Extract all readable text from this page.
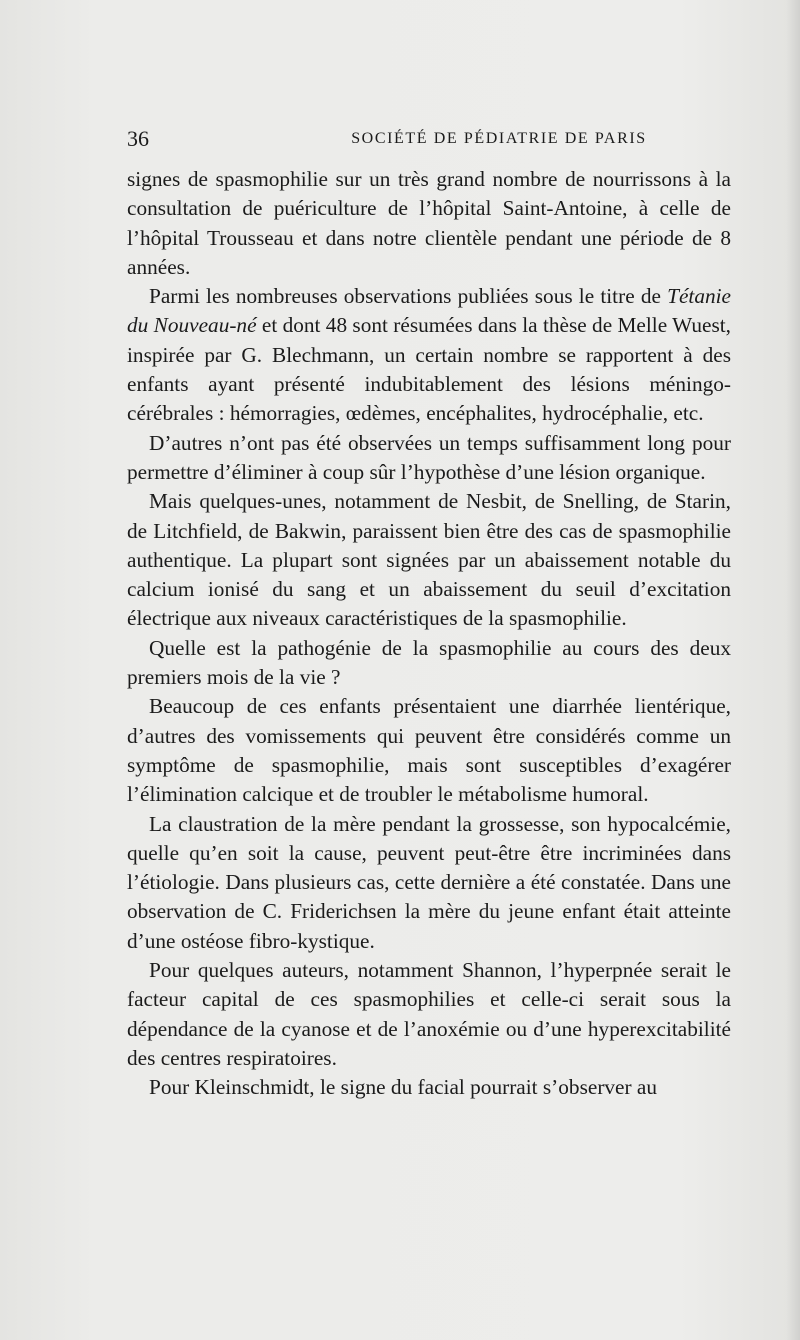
36	SOCIÉTÉ DE PÉDIATRIE DE PARIS

signes de spasmophilie sur un très grand nombre de nourrissons à la consultation de puériculture de l’hôpital Saint-Antoine, à celle de l’hôpital Trousseau et dans notre clientèle pendant une période de 8 années.

Parmi les nombreuses observations publiées sous le titre de Tétanie du Nouveau-né et dont 48 sont résumées dans la thèse de Melle Wuest, inspirée par G. Blechmann, un certain nombre se rapportent à des enfants ayant présenté indubitablement des lésions méningo-cérébrales : hémorragies, œdèmes, encéphalites, hydrocéphalie, etc.

D’autres n’ont pas été observées un temps suffisamment long pour permettre d’éliminer à coup sûr l’hypothèse d’une lésion organique.

Mais quelques-unes, notamment de Nesbit, de Snelling, de Starin, de Litchfield, de Bakwin, paraissent bien être des cas de spasmophilie authentique. La plupart sont signées par un abaissement notable du calcium ionisé du sang et un abaissement du seuil d’excitation électrique aux niveaux caractéristiques de la spasmophilie.

Quelle est la pathogénie de la spasmophilie au cours des deux premiers mois de la vie ?

Beaucoup de ces enfants présentaient une diarrhée lientérique, d’autres des vomissements qui peuvent être considérés comme un symptôme de spasmophilie, mais sont susceptibles d’exagérer l’élimination calcique et de troubler le métabolisme humoral.

La claustration de la mère pendant la grossesse, son hypocalcémie, quelle qu’en soit la cause, peuvent peut-être être incriminées dans l’étiologie. Dans plusieurs cas, cette dernière a été constatée. Dans une observation de C. Friderichsen la mère du jeune enfant était atteinte d’une ostéose fibro-kystique.

Pour quelques auteurs, notamment Shannon, l’hyperpnée serait le facteur capital de ces spasmophilies et celle-ci serait sous la dépendance de la cyanose et de l’anoxémie ou d’une hyperexcitabilité des centres respiratoires.

Pour Kleinschmidt, le signe du facial pourrait s’observer au
